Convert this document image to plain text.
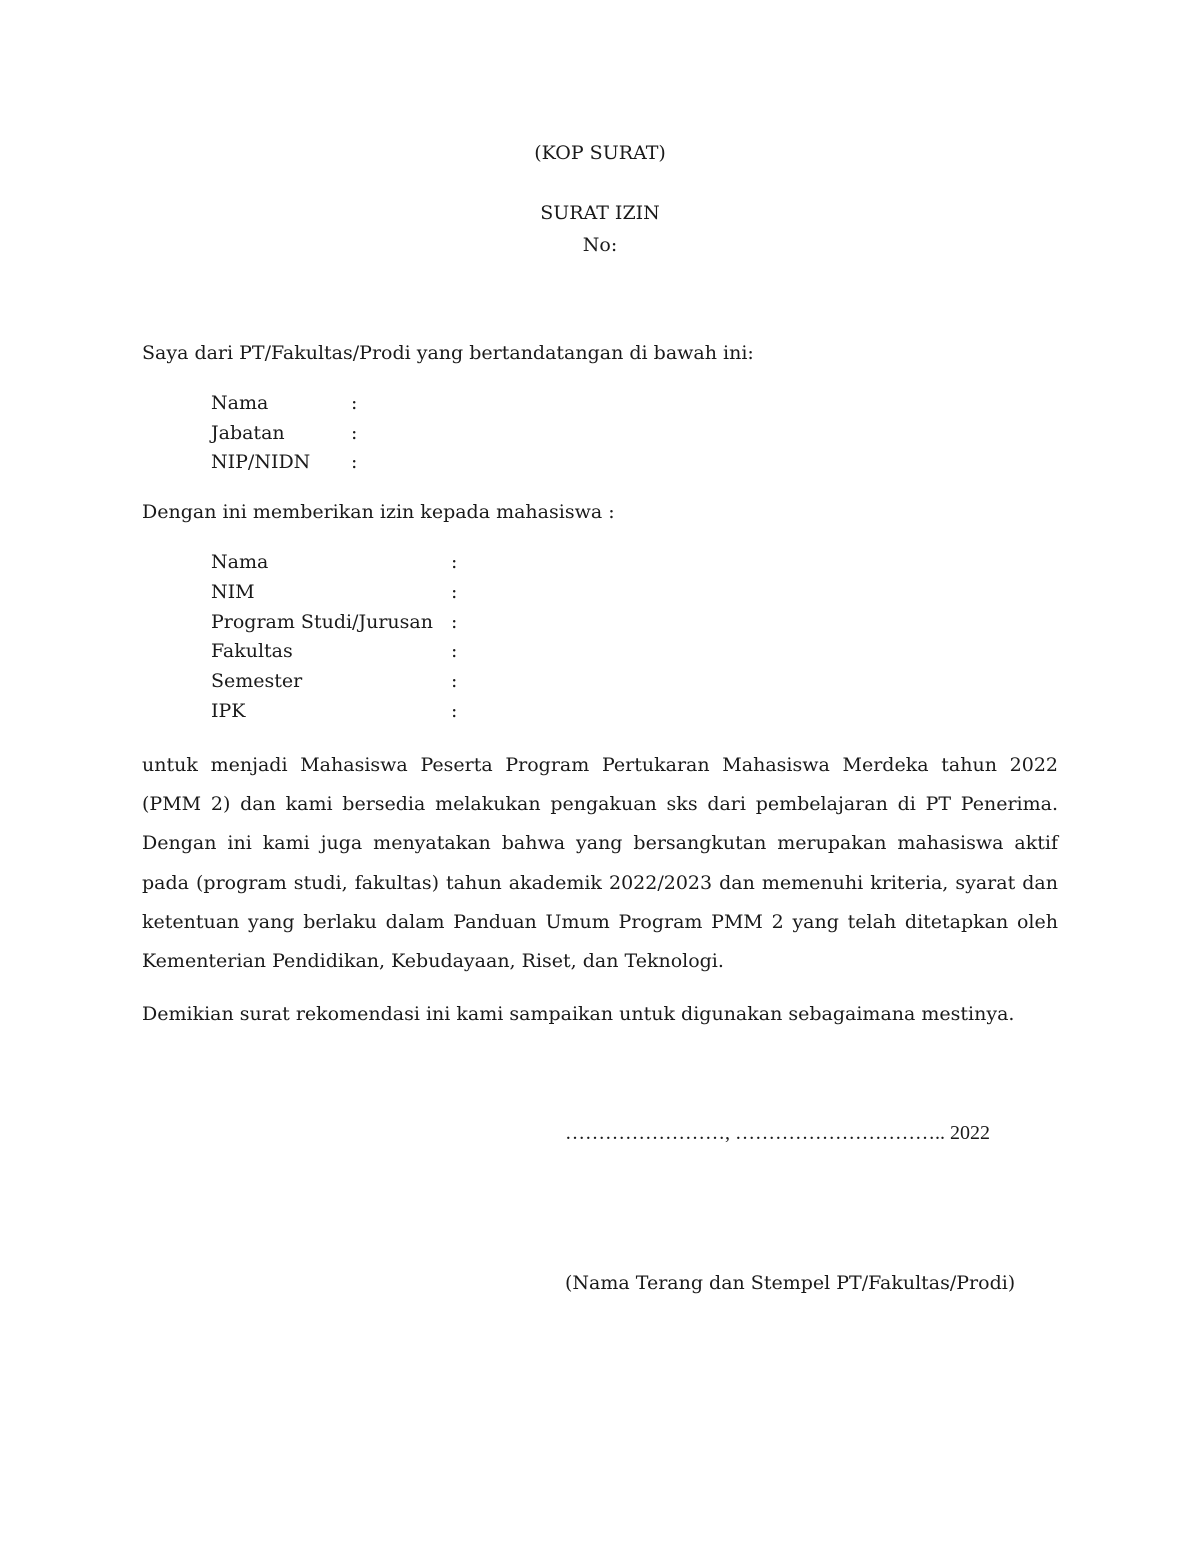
(KOP SURAT)
SURAT IZIN
No:
Saya dari PT/Fakultas/Prodi yang bertandatangan di bawah ini:
Nama	:
Jabatan	:
NIP/NIDN :
Dengan ini memberikan izin kepada mahasiswa :
Nama	:
NIM	:
Program Studi/Jurusan :
Fakultas	:
Semester	:
IPK	:
untuk menjadi Mahasiswa Peserta Program Pertukaran Mahasiswa Merdeka tahun 2022 (PMM 2) dan kami bersedia melakukan pengakuan sks dari pembelajaran di PT Penerima. Dengan ini kami juga menyatakan bahwa yang bersangkutan merupakan mahasiswa aktif pada (program studi, fakultas) tahun akademik 2022/2023 dan memenuhi kriteria, syarat dan ketentuan yang berlaku dalam Panduan Umum Program PMM 2 yang telah ditetapkan oleh Kementerian Pendidikan, Kebudayaan, Riset, dan Teknologi.
Demikian surat rekomendasi ini kami sampaikan untuk digunakan sebagaimana mestinya.
……………………, ………………………….. 2022
(Nama Terang dan Stempel PT/Fakultas/Prodi)
